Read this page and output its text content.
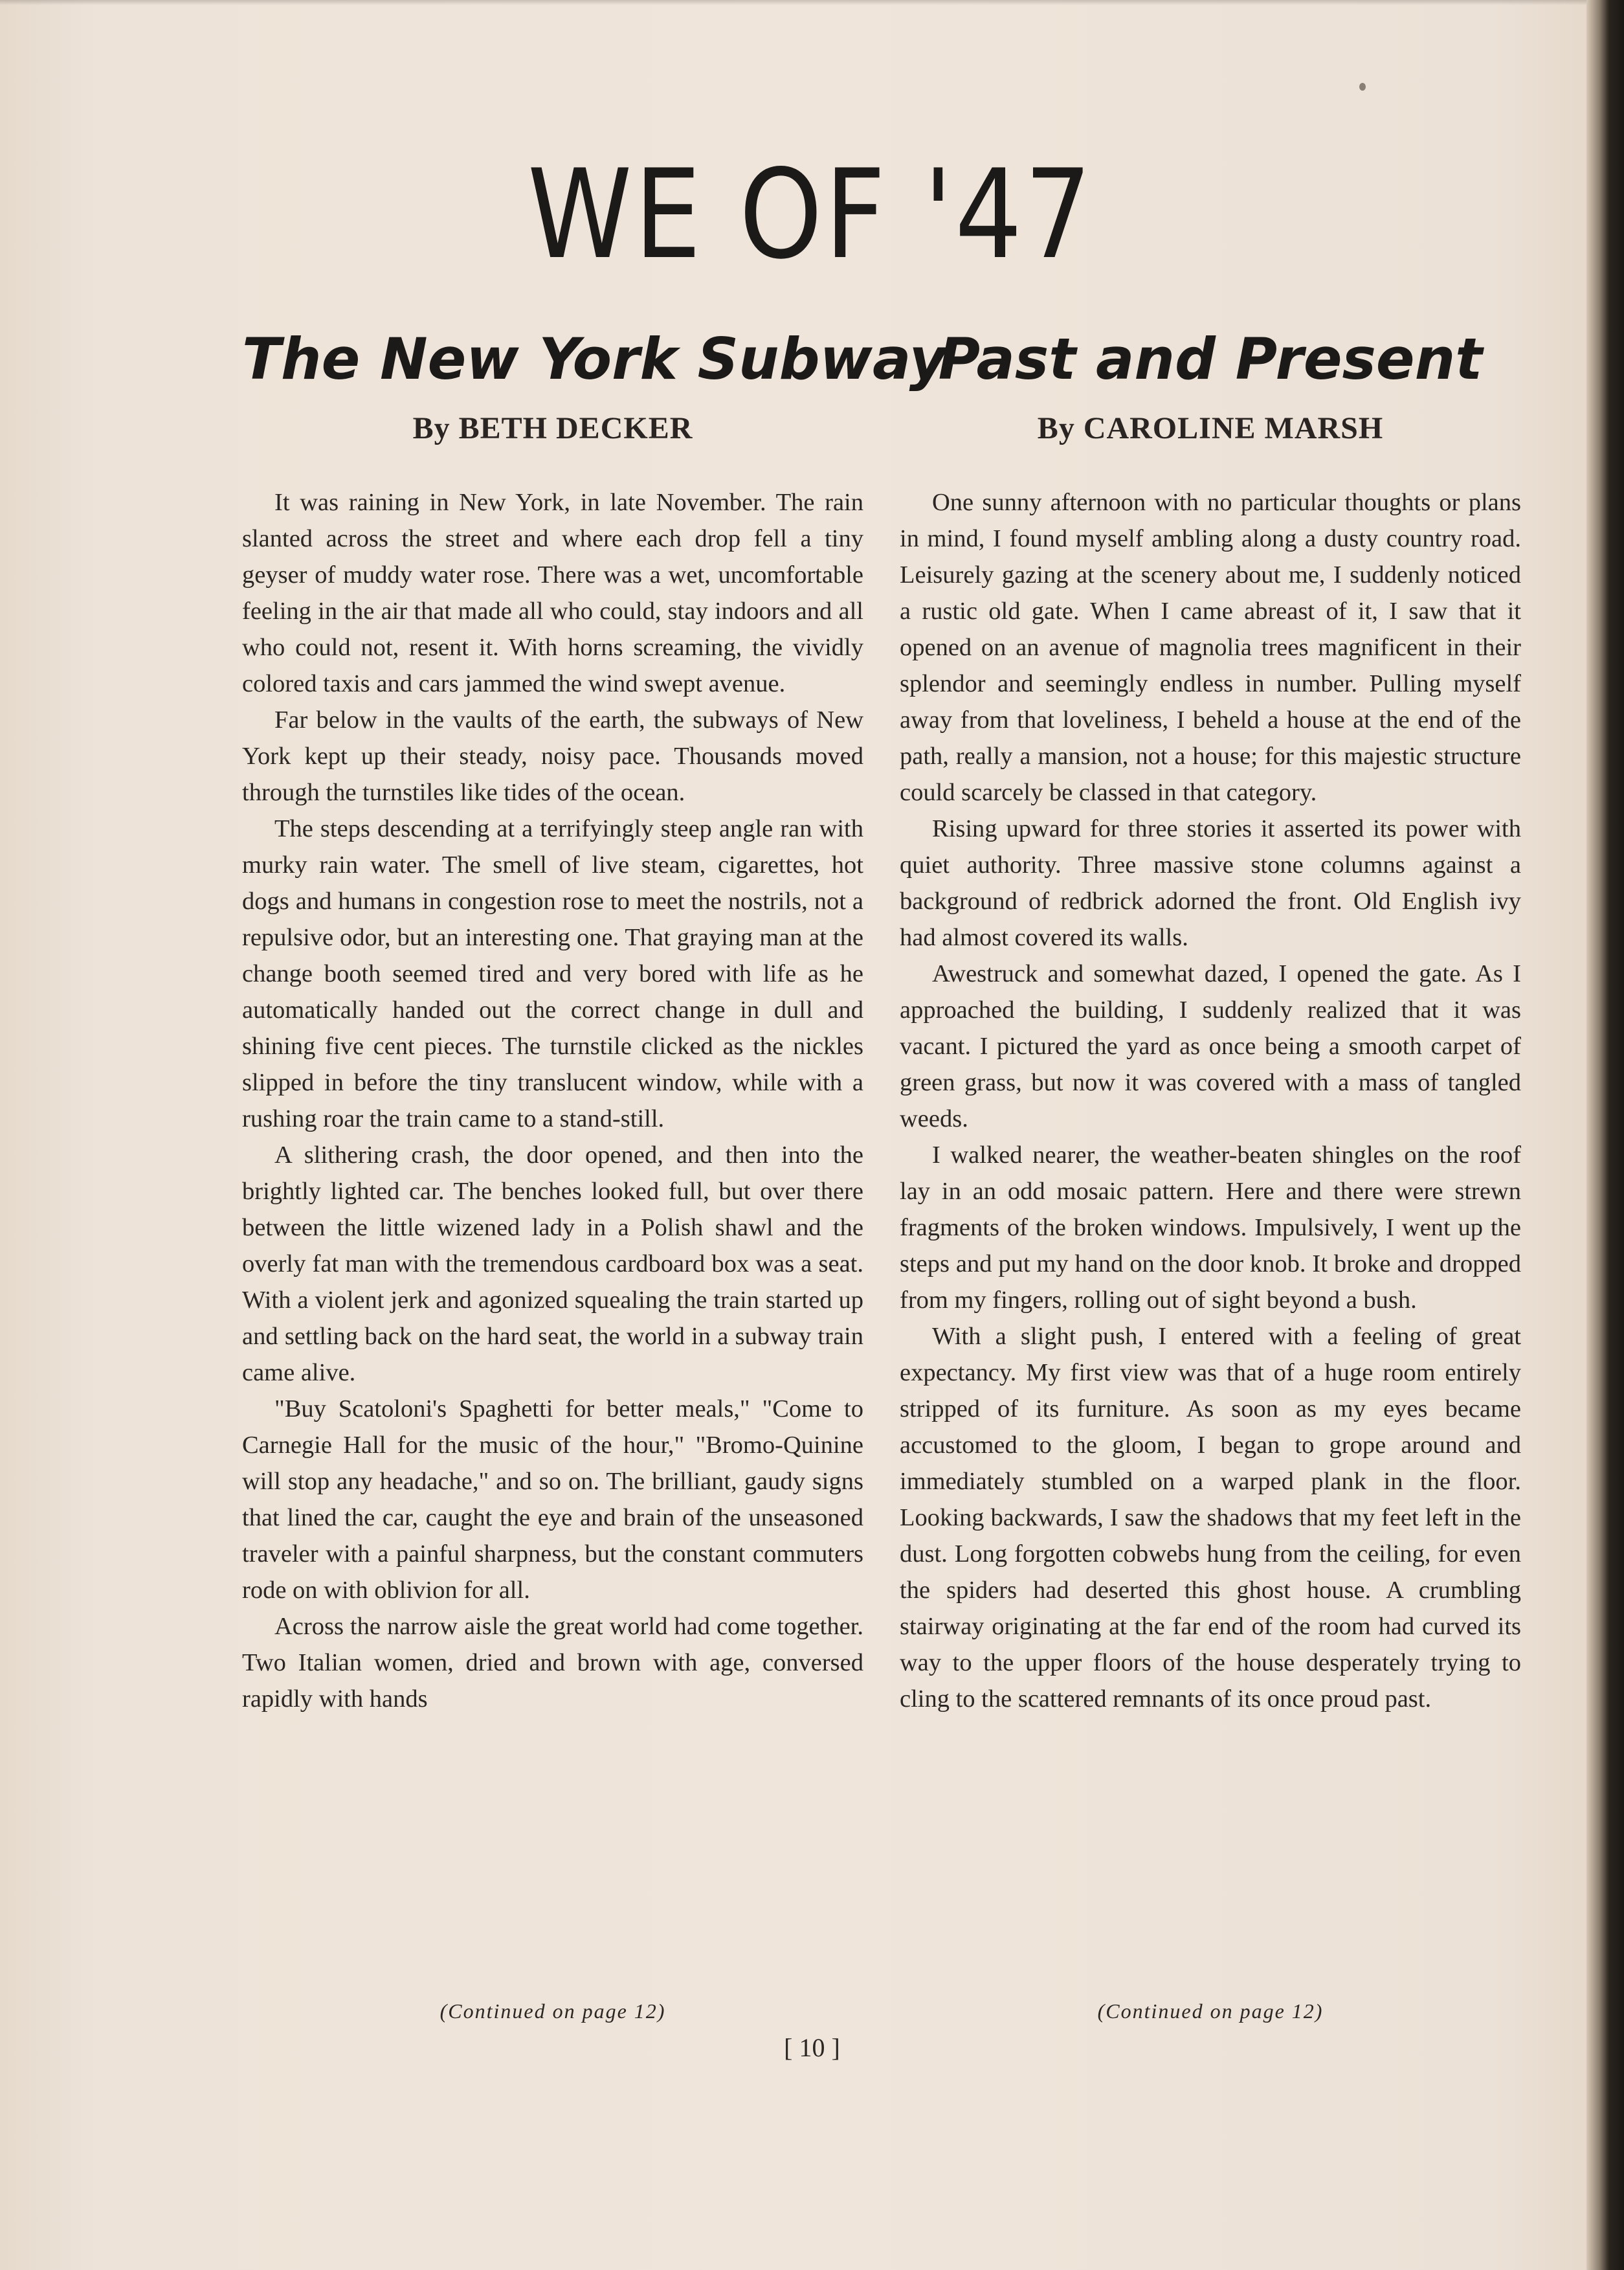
WE OF '47
The New York Subway
By BETH DECKER

It was raining in New York, in late November. The rain slanted across the street and where each drop fell a tiny geyser of muddy water rose. There was a wet, uncomfortable feeling in the air that made all who could, stay indoors and all who could not, resent it. With horns screaming, the vividly colored taxis and cars jammed the wind swept avenue.

Far below in the vaults of the earth, the subways of New York kept up their steady, noisy pace. Thousands moved through the turnstiles like tides of the ocean.

The steps descending at a terrifyingly steep angle ran with murky rain water. The smell of live steam, cigarettes, hot dogs and humans in congestion rose to meet the nostrils, not a repulsive odor, but an interesting one. That graying man at the change booth seemed tired and very bored with life as he automatically handed out the correct change in dull and shining five cent pieces. The turnstile clicked as the nickles slipped in before the tiny translucent window, while with a rushing roar the train came to a stand-still.

A slithering crash, the door opened, and then into the brightly lighted car. The benches looked full, but over there between the little wizened lady in a Polish shawl and the overly fat man with the tremendous cardboard box was a seat. With a violent jerk and agonized squealing the train started up and settling back on the hard seat, the world in a subway train came alive.

"Buy Scatoloni's Spaghetti for better meals," "Come to Carnegie Hall for the music of the hour," "Bromo-Quinine will stop any headache," and so on. The brilliant, gaudy signs that lined the car, caught the eye and brain of the unseasoned traveler with a painful sharpness, but the constant commuters rode on with oblivion for all.

Across the narrow aisle the great world had come together. Two Italian women, dried and brown with age, conversed rapidly with hands

Past and Present
By CAROLINE MARSH

One sunny afternoon with no particular thoughts or plans in mind, I found myself ambling along a dusty country road. Leisurely gazing at the scenery about me, I suddenly noticed a rustic old gate. When I came abreast of it, I saw that it opened on an avenue of magnolia trees magnificent in their splendor and seemingly endless in number. Pulling myself away from that loveliness, I beheld a house at the end of the path, really a mansion, not a house; for this majestic structure could scarcely be classed in that category.

Rising upward for three stories it asserted its power with quiet authority. Three massive stone columns against a background of redbrick adorned the front. Old English ivy had almost covered its walls.

Awestruck and somewhat dazed, I opened the gate. As I approached the building, I suddenly realized that it was vacant. I pictured the yard as once being a smooth carpet of green grass, but now it was covered with a mass of tangled weeds.

I walked nearer, the weather-beaten shingles on the roof lay in an odd mosaic pattern. Here and there were strewn fragments of the broken windows. Impulsively, I went up the steps and put my hand on the door knob. It broke and dropped from my fingers, rolling out of sight beyond a bush.

With a slight push, I entered with a feeling of great expectancy. My first view was that of a huge room entirely stripped of its furniture. As soon as my eyes became accustomed to the gloom, I began to grope around and immediately stumbled on a warped plank in the floor. Looking backwards, I saw the shadows that my feet left in the dust. Long forgotten cobwebs hung from the ceiling, for even the spiders had deserted this ghost house. A crumbling stairway originating at the far end of the room had curved its way to the upper floors of the house desperately trying to cling to the scattered remnants of its once proud past.

(Continued on page 12)	(Continued on page 12)
[ 10 ]
